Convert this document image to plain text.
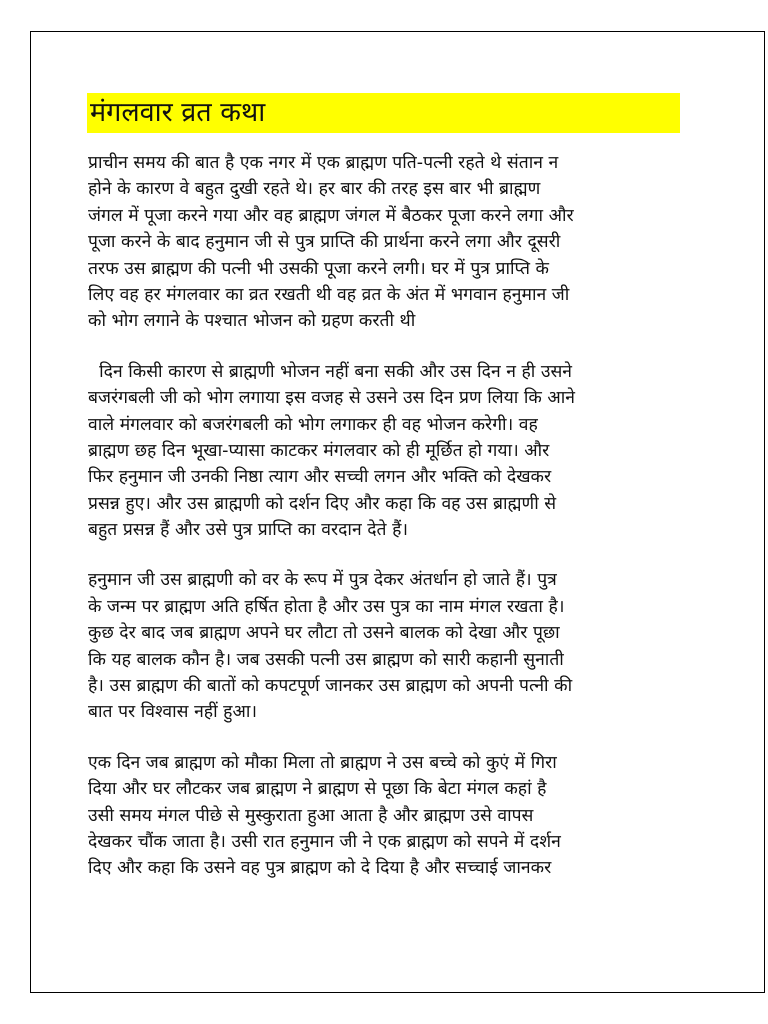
मंगलवार व्रत कथा

प्राचीन समय की बात है एक नगर में एक ब्राह्मण पति-पत्नी रहते थे संतान न
होने के कारण वे बहुत दुखी रहते थे। हर बार की तरह इस बार भी ब्राह्मण
जंगल में पूजा करने गया और वह ब्राह्मण जंगल में बैठकर पूजा करने लगा और
पूजा करने के बाद हनुमान जी से पुत्र प्राप्ति की प्रार्थना करने लगा और दूसरी
तरफ उस ब्राह्मण की पत्नी भी उसकी पूजा करने लगी। घर में पुत्र प्राप्ति के
लिए वह हर मंगलवार का व्रत रखती थी वह व्रत के अंत में भगवान हनुमान जी
को भोग लगाने के पश्चात भोजन को ग्रहण करती थी

दिन किसी कारण से ब्राह्मणी भोजन नहीं बना सकी और उस दिन न ही उसने
बजरंगबली जी को भोग लगाया इस वजह से उसने उस दिन प्रण लिया कि आने
वाले मंगलवार को बजरंगबली को भोग लगाकर ही वह भोजन करेगी। वह
ब्राह्मण छह दिन भूखा-प्यासा काटकर मंगलवार को ही मूर्छित हो गया। और
फिर हनुमान जी उनकी निष्ठा त्याग और सच्ची लगन और भक्ति को देखकर
प्रसन्न हुए। और उस ब्राह्मणी को दर्शन दिए और कहा कि वह उस ब्राह्मणी से
बहुत प्रसन्न हैं और उसे पुत्र प्राप्ति का वरदान देते हैं।

हनुमान जी उस ब्राह्मणी को वर के रूप में पुत्र देकर अंतर्धान हो जाते हैं। पुत्र
के जन्म पर ब्राह्मण अति हर्षित होता है और उस पुत्र का नाम मंगल रखता है।
कुछ देर बाद जब ब्राह्मण अपने घर लौटा तो उसने बालक को देखा और पूछा
कि यह बालक कौन है। जब उसकी पत्नी उस ब्राह्मण को सारी कहानी सुनाती
है। उस ब्राह्मण की बातों को कपटपूर्ण जानकर उस ब्राह्मण को अपनी पत्नी की
बात पर विश्वास नहीं हुआ।

एक दिन जब ब्राह्मण को मौका मिला तो ब्राह्मण ने उस बच्चे को कुएं में गिरा
दिया और घर लौटकर जब ब्राह्मण ने ब्राह्मण से पूछा कि बेटा मंगल कहां है
उसी समय मंगल पीछे से मुस्कुराता हुआ आता है और ब्राह्मण उसे वापस
देखकर चौंक जाता है। उसी रात हनुमान जी ने एक ब्राह्मण को सपने में दर्शन
दिए और कहा कि उसने वह पुत्र ब्राह्मण को दे दिया है और सच्चाई जानकर
